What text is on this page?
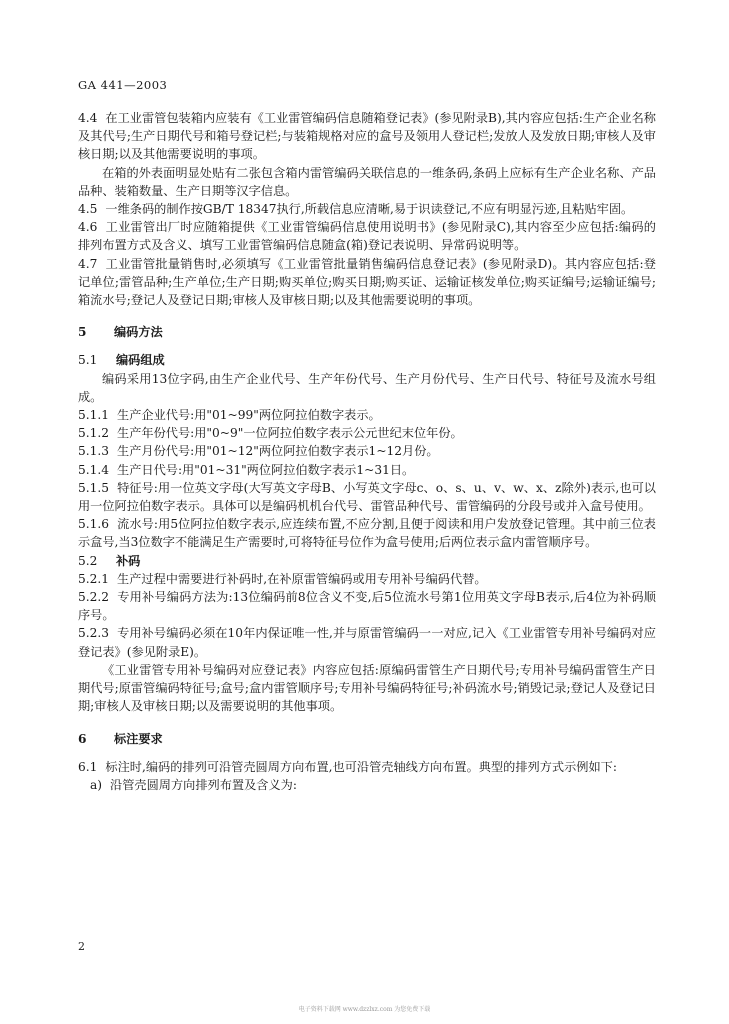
GA 441—2003

4.4 在工业雷管包装箱内应装有《工业雷管编码信息随箱登记表》(参见附录B),其内容应包括:生产企业名称及其代号;生产日期代号和箱号登记栏;与装箱规格对应的盒号及领用人登记栏;发放人及发放日期;审核人及审核日期;以及其他需要说明的事项。

在箱的外表面明显处贴有二张包含箱内雷管编码关联信息的一维条码,条码上应标有生产企业名称、产品品种、装箱数量、生产日期等汉字信息。

4.5 一维条码的制作按GB/T 18347执行,所载信息应清晰,易于识读登记,不应有明显污迹,且粘贴牢固。

4.6 工业雷管出厂时应随箱提供《工业雷管编码信息使用说明书》(参见附录C),其内容至少应包括:编码的排列布置方式及含义、填写工业雷管编码信息随盒(箱)登记表说明、异常码说明等。

4.7 工业雷管批量销售时,必须填写《工业雷管批量销售编码信息登记表》(参见附录D)。其内容应包括:登记单位;雷管品种;生产单位;生产日期;购买单位;购买日期;购买证、运输证核发单位;购买证编号;运输证编号;箱流水号;登记人及登记日期;审核人及审核日期;以及其他需要说明的事项。

5 编码方法

5.1 编码组成

编码采用13位字码,由生产企业代号、生产年份代号、生产月份代号、生产日代号、特征号及流水号组成。

5.1.1 生产企业代号:用"01~99"两位阿拉伯数字表示。

5.1.2 生产年份代号:用"0~9"一位阿拉伯数字表示公元世纪末位年份。

5.1.3 生产月份代号:用"01~12"两位阿拉伯数字表示1~12月份。

5.1.4 生产日代号:用"01~31"两位阿拉伯数字表示1~31日。

5.1.5 特征号:用一位英文字母(大写英文字母B、小写英文字母c、o、s、u、v、w、x、z除外)表示,也可以用一位阿拉伯数字表示。具体可以是编码机机台代号、雷管品种代号、雷管编码的分段号或并入盒号使用。

5.1.6 流水号:用5位阿拉伯数字表示,应连续布置,不应分割,且便于阅读和用户发放登记管理。其中前三位表示盒号,当3位数字不能满足生产需要时,可将特征号位作为盒号使用;后两位表示盒内雷管顺序号。

5.2 补码

5.2.1 生产过程中需要进行补码时,在补原雷管编码或用专用补号编码代替。

5.2.2 专用补号编码方法为:13位编码前8位含义不变,后5位流水号第1位用英文字母B表示,后4位为补码顺序号。

5.2.3 专用补号编码必须在10年内保证唯一性,并与原雷管编码一一对应,记入《工业雷管专用补号编码对应登记表》(参见附录E)。

《工业雷管专用补号编码对应登记表》内容应包括:原编码雷管生产日期代号;专用补号编码雷管生产日期代号;原雷管编码特征号;盒号;盒内雷管顺序号;专用补号编码特征号;补码流水号;销毁记录;登记人及登记日期;审核人及审核日期;以及需要说明的其他事项。

6 标注要求

6.1 标注时,编码的排列可沿管壳圆周方向布置,也可沿管壳轴线方向布置。典型的排列方式示例如下:

a) 沿管壳圆周方向排列布置及含义为:

2
电子资料下载网 www.dzzlxz.com 为您免费下载
